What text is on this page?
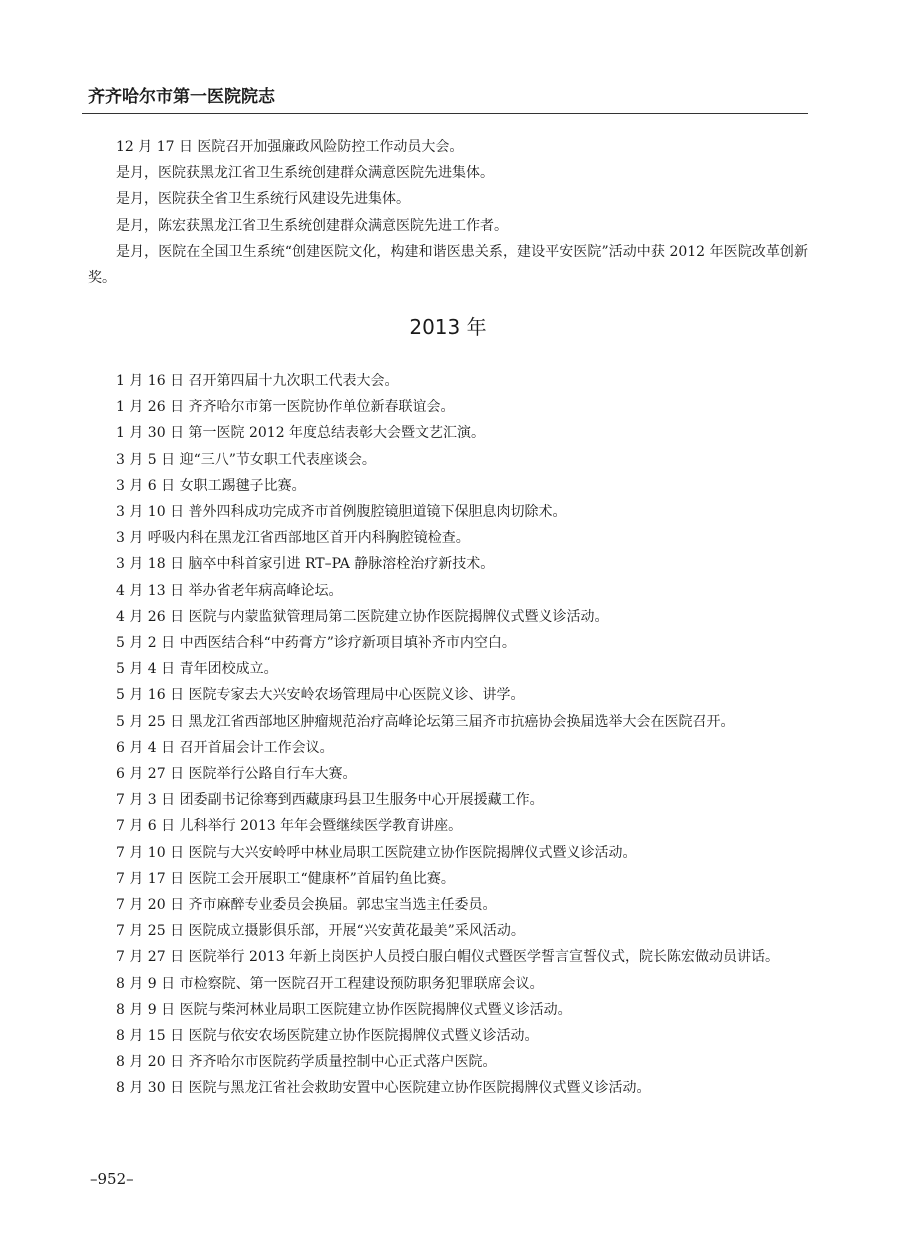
齐齐哈尔市第一医院院志

12 月 17 日 医院召开加强廉政风险防控工作动员大会。

是月，医院获黑龙江省卫生系统创建群众满意医院先进集体。

是月，医院获全省卫生系统行风建设先进集体。

是月，陈宏获黑龙江省卫生系统创建群众满意医院先进工作者。

是月，医院在全国卫生系统“创建医院文化，构建和谐医患关系，建设平安医院”活动中获 2012 年医院改革创新奖。

2013 年

1 月 16 日 召开第四届十九次职工代表大会。

1 月 26 日 齐齐哈尔市第一医院协作单位新春联谊会。

1 月 30 日 第一医院 2012 年度总结表彰大会暨文艺汇演。

3 月 5 日 迎“三八”节女职工代表座谈会。

3 月 6 日 女职工踢毽子比赛。

3 月 10 日 普外四科成功完成齐市首例腹腔镜胆道镜下保胆息肉切除术。

3 月 呼吸内科在黑龙江省西部地区首开内科胸腔镜检查。

3 月 18 日 脑卒中科首家引进 RT–PA 静脉溶栓治疗新技术。

4 月 13 日 举办省老年病高峰论坛。

4 月 26 日 医院与内蒙监狱管理局第二医院建立协作医院揭牌仪式暨义诊活动。

5 月 2 日 中西医结合科“中药膏方”诊疗新项目填补齐市内空白。

5 月 4 日 青年团校成立。

5 月 16 日 医院专家去大兴安岭农场管理局中心医院义诊、讲学。

5 月 25 日 黑龙江省西部地区肿瘤规范治疗高峰论坛第三届齐市抗癌协会换届选举大会在医院召开。

6 月 4 日 召开首届会计工作会议。

6 月 27 日 医院举行公路自行车大赛。

7 月 3 日 团委副书记徐骞到西藏康玛县卫生服务中心开展援藏工作。

7 月 6 日 儿科举行 2013 年年会暨继续医学教育讲座。

7 月 10 日 医院与大兴安岭呼中林业局职工医院建立协作医院揭牌仪式暨义诊活动。

7 月 17 日 医院工会开展职工“健康杯”首届钓鱼比赛。

7 月 20 日 齐市麻醉专业委员会换届。郭忠宝当选主任委员。

7 月 25 日 医院成立摄影俱乐部，开展“兴安黄花最美”采风活动。

7 月 27 日 医院举行 2013 年新上岗医护人员授白服白帽仪式暨医学誓言宣誓仪式，院长陈宏做动员讲话。

8 月 9 日 市检察院、第一医院召开工程建设预防职务犯罪联席会议。

8 月 9 日 医院与柴河林业局职工医院建立协作医院揭牌仪式暨义诊活动。

8 月 15 日 医院与依安农场医院建立协作医院揭牌仪式暨义诊活动。

8 月 20 日 齐齐哈尔市医院药学质量控制中心正式落户医院。

8 月 30 日 医院与黑龙江省社会救助安置中心医院建立协作医院揭牌仪式暨义诊活动。

–952–
